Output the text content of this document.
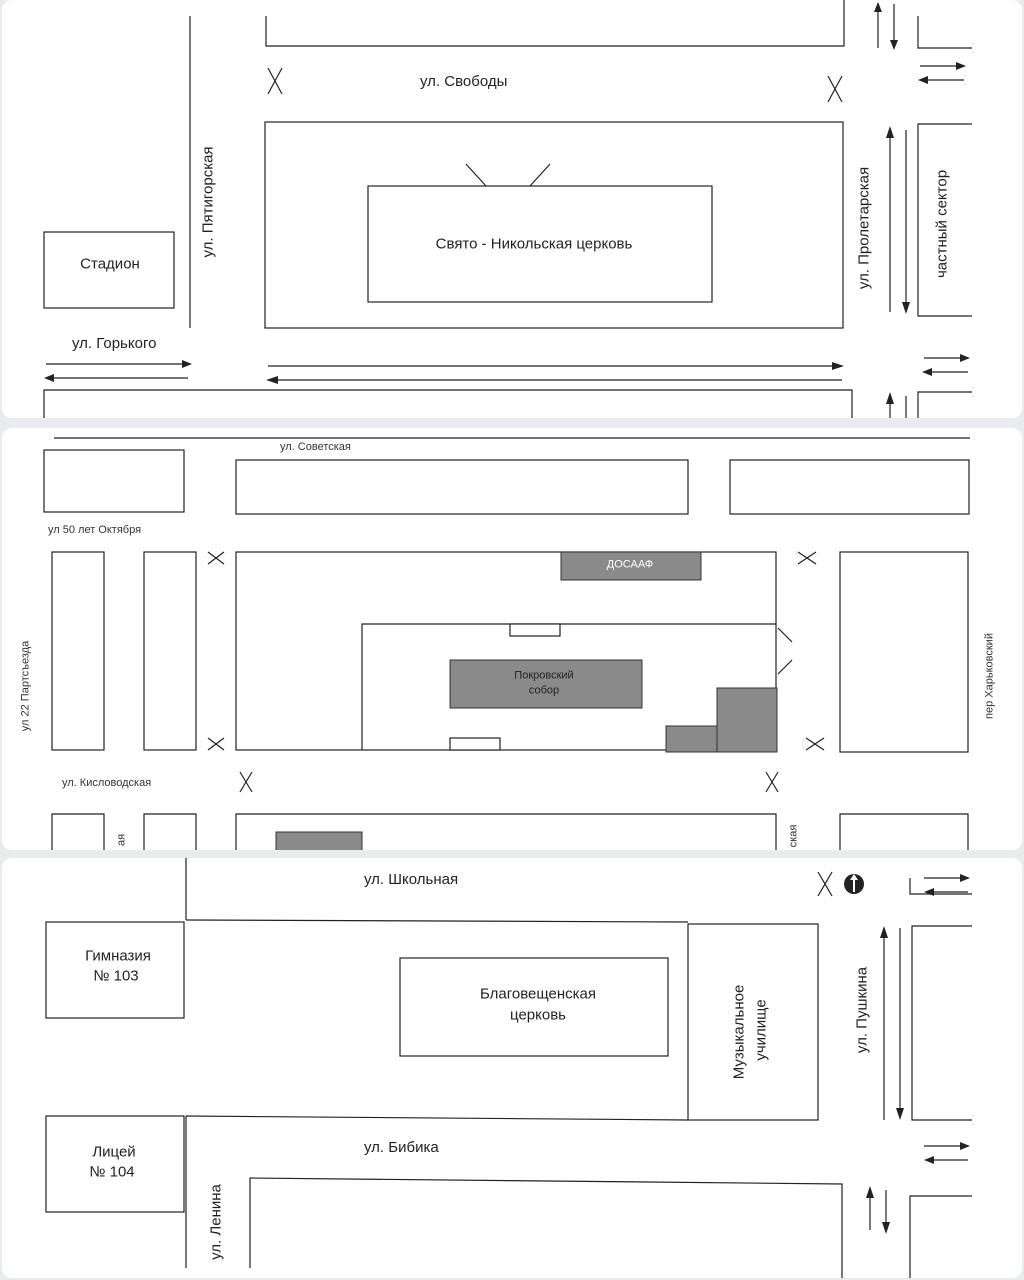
ул. Свободы
ул. Пятигорская
Стадион
Свято - Никольская церковь	ул. Пролетарская	частный сектор
ул. Горького
ул. Советская
ул 50 лет Октября
ул 22 Партсъезда
ДОСААФ
Покровский
собор	пер Харьковский
ул. Кисловодская
ая	ская
ул. Школьная
Гимназия
№ 103
Благовещенская
церковь	Музыкальное училище	ул. Пушкина
ул. Бибика
Лицей
№ 104
ул. Ленина
